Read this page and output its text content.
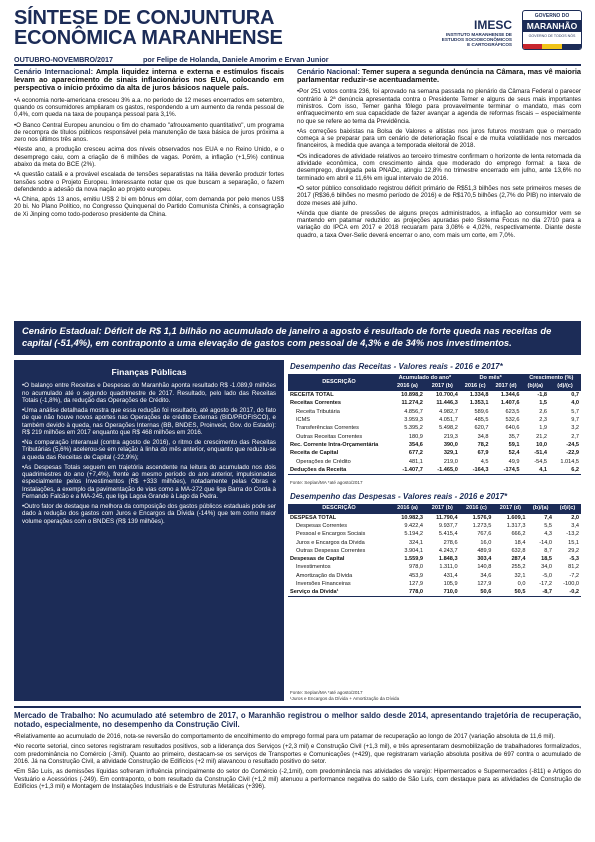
SÍNTESE DE CONJUNTURA
ECONÔMICA MARANHENSE
OUTUBRO-NOVEMBRO/2017	por Felipe de Holanda, Daniele Amorim e Ervan Junior
IMESC
INSTITUTO MARANHENSE DE
ESTUDOS SOCIOECONÔMICOS
E CARTOGRÁFICOS
GOVERNO DO
MARANHÃO
GOVERNO DE TODOS NÓS
Cenário Internacional: Ampla liquidez interna e externa e estímulos fiscais levam ao aparecimento de sinais inflacionários nos EUA, colocando em perspectiva o início próximo da alta de juros básicos naquele país.

•A economia norte-americana cresceu 3% a.a. no período de 12 meses encerrados em setembro, quando os consumidores ampliaram os gastos, respondendo a um aumento da renda pessoal de 0,4%, com queda na taxa de poupança pessoal para 3,1%.

•O Banco Central Europeu anunciou o fim do chamado "afrouxamento quantitativo", um programa de recompra de títulos públicos responsável pela manutenção de taxa básica de juros próxima a zero nos últimos três anos.

•Neste ano, a produção cresceu acima dos níveis observados nos EUA e no Reino Unido, e o desemprego caiu, com a criação de 6 milhões de vagas. Porém, a inflação (+1,5%) continua abaixo da meta do BCE (2%).

•A questão catalã e a provável escalada de tensões separatistas na Itália deverão produzir fortes tensões sobre o Projeto Europeu. Interessante notar que os que buscam a separação, o fazem defendendo a adesão da nova nação ao projeto europeu.

•A China, após 13 anos, emitiu US$ 2 bi em bônus em dólar, com demanda por pelo menos US$ 20 bi. No Plano Político, no Congresso Quinquenal do Partido Comunista Chinês, a consagração de Xi Jinping como todo-poderoso presidente da China.

Cenário Nacional: Temer supera a segunda denúncia na Câmara, mas vê maioria parlamentar reduzir-se acentuadamente.

•Por 251 votos contra 236, foi aprovado na semana passada no plenário da Câmara Federal o parecer contrário à 2ª denúncia apresentada contra o Presidente Temer e alguns de seus mais importantes ministros. Com isso, Temer ganha fôlego para provavelmente terminar o mandato, mas com enfraquecimento em sua capacidade de fazer avançar a agenda de reformas fiscais – especialmente no que se refere ao tema da Previdência.

•As correções baixistas na Bolsa de Valores e altistas nos juros futuros mostram que o mercado começa a se preparar para um cenário de deterioração fiscal e de muita volatilidade nos mercados financeiros, à medida que avança a temporada eleitoral de 2018.

•Os indicadores de atividade relativos ao terceiro trimestre confirmam o horizonte de lenta retomada da atividade econômica, com crescimento ainda que moderado do emprego formal: a taxa de desemprego, divulgada pela PNADc, atingiu 12,8% no trimestre encerrado em julho, ante 13,6% no terminado em abril e 11,6% em igual intervalo de 2016.

•O setor público consolidado registrou déficit primário de R$51,3 bilhões nos sete primeiros meses de 2017 (R$36,6 bilhões no mesmo período de 2016) e de R$170,5 bilhões (2,7% do PIB) no intervalo de doze meses até julho.

•Ainda que diante de pressões de alguns preços administrados, a inflação ao consumidor vem se mantendo em patamar reduzido: as projeções apuradas pelo Sistema Focus no dia 27/10 para a variação do IPCA em 2017 e 2018 recuaram para 3,08% e 4,02%, respectivamente. Diante deste quadro, a taxa Over-Selic deverá encerrar o ano, com mais um corte, em 7,0%.

Cenário Estadual: Déficit de R$ 1,1 bilhão no acumulado de janeiro a agosto é resultado de forte queda nas receitas de capital (-51,4%), em contraponto a uma elevação de gastos com pessoal de 4,3% e de 34% nos investimentos.
Finanças Públicas

•O balanço entre Receitas e Despesas do Maranhão aponta resultado R$ -1.089,9 milhões no acumulado até o segundo quadrimestre de 2017. Resultado, pelo lado das Receitas Totais (-1,8%), da redução das Operações de Crédito.

•Uma análise detalhada mostra que essa redução foi resultado, até agosto de 2017, do fato de que não houve novos aportes nas Operações de crédito Externas (BID/PROFISCO), e também devido à queda, nas Operações Internas (BB, BNDES, Proinvest, Gov. do Estado): R$ 219 milhões em 2017 enquanto que R$ 468 milhões em 2016.

•Na comparação interanual (contra agosto de 2016), o ritmo de crescimento das Receitas Tributárias (5,6%) acelerou-se em relação à linha do mês anterior, enquanto que reduziu-se a queda das Receitas de Capital (-22,9%);

•As Despesas Totais seguem em trajetória ascendente na leitura do acumulado nos dois quadrimestres do ano (+7,4%), frente ao mesmo período do ano anterior, impulsionadas especialmente pelos Investimentos (R$ +333 milhões), notadamente pelas Obras e Instalações, a exemplo da pavimentação de vias como a MA-272 que liga Barra do Corda à Fernando Falcão e a MA-245, que liga Lagoa Grande à Lago da Pedra.

•Outro fator de destaque na melhora da composição dos gastos públicos estaduais pode ser dado à redução dos gastos com Juros e Encargos da Dívida (-14%) que tem como maior volume operações com o BNDES (R$ 139 milhões).

Desempenho das Receitas - Valores reais - 2016 e 2017*
DESCRIÇÃO	Acumulado do ano*		Do mês*		Crescimento (%)	
	2016 (a)	2017 (b)	2016 (c)	2017 (d)	(b)/(a)	(d)/(c)
RECEITA TOTAL	10.898,2	10.700,4	1.334,8	1.344,6	-1,8	0,7
Receitas Correntes	11.274,2	11.446,3	1.353,1	1.407,6	1,5	4,0
Receita Tributária	4.856,7	4.982,7	589,6	623,5	2,6	5,7
ICMS	3.959,3	4.051,7	485,5	532,6	2,3	9,7
Transferências Correntes	5.395,2	5.498,2	620,7	640,6	1,9	3,2
Outras Receitas Correntes	180,9	219,3	34,8	35,7	21,2	2,7
Rec. Corrente Intra-Orçamentária	354,6	390,0	78,2	59,1	10,0	-24,5
Receita de Capital	677,2	329,1	67,9	52,4	-51,4	-22,9
Operações de Crédito	481,1	219,0	4,5	49,9	-54,5	1.014,5
Deduções da Receita	-1.407,7	-1.465,0	-164,3	-174,5	4,1	6,2
Fonte: Seplan/MA *até agosto/2017
Desempenho das Despesas - Valores reais - 2016 e 2017*
DESCRIÇÃO	2016 (a)	2017 (b)	2016 (c)	2017 (d)	(b)/(a)	(d)/(c)

DESPESA TOTAL	10.982,3	11.790,4	1.576,9	1.609,1	7,4	2,0
Despesas Correntes	9.422,4	9.937,7	1.273,5	1.317,3	5,5	3,4
Pessoal e Encargos Sociais	5.194,2	5.415,4	767,6	666,2	4,3	-13,2
Juros e Encargos da Dívida	324,1	278,6	16,0	18,4	-14,0	15,1
Outras Despesas Correntes	3.904,1	4.243,7	489,9	632,8	8,7	29,2
Despesas de Capital	1.559,9	1.848,3	303,4	287,4	18,5	-5,3
Investimentos	978,0	1.311,0	140,8	255,2	34,0	81,2
Amortização da Dívida	453,9	431,4	34,6	32,1	-5,0	-7,2
Inversões Financeiras	127,9	105,9	127,9	0,0	-17,2	-100,0
Serviço da Dívida¹	778,0	710,0	50,6	50,5	-8,7	-0,2
Fonte: Seplan/MA *até agosto/2017
¹Juros e Encargos da Dívida + Amortização da Dívida
Mercado de Trabalho: No acumulado até setembro de 2017, o Maranhão registrou o melhor saldo desde 2014, apresentando trajetória de recuperação, notado, especialmente, no desempenho da Construção Civil.

•Relativamente ao acumulado de 2016, nota-se reversão do comportamento de encolhimento do emprego formal para um patamar de recuperação ao longo de 2017 (variação absoluta de 11,6 mil).

•No recorte setorial, cinco setores registraram resultados positivos, sob a liderança dos Serviços (+2,3 mil) e Construção Civil (+1,3 mil), e três apresentaram desmobilização de trabalhadores formalizados, com predominância no Comércio (-3mil). Quanto ao primeiro, destacam-se os serviços de Transportes e Comunicações (+429), que registraram variação absoluta positiva de 697 contra o acumulado de 2016. Já na Construção Civil, a atividade Construção de Edifícios (+2 mil) alavancou o resultado positivo do setor.

•Em São Luís, as demissões líquidas sofreram influência principalmente do setor do Comércio (-2,1mil), com predominância nas atividades de varejo: Hipermercados e Supermercados (-811) e Artigos do Vestuário e Acessórios (-249). Em contraponto, o bom resultado da Construção Civil (+1,2 mil) atenuou a performance negativa do saldo de São Luís, com destaque para as atividades de Construção de Edifícios (+1,3 mil) e Montagem de Instalações Industriais e de Estruturas Metálicas (+396).
